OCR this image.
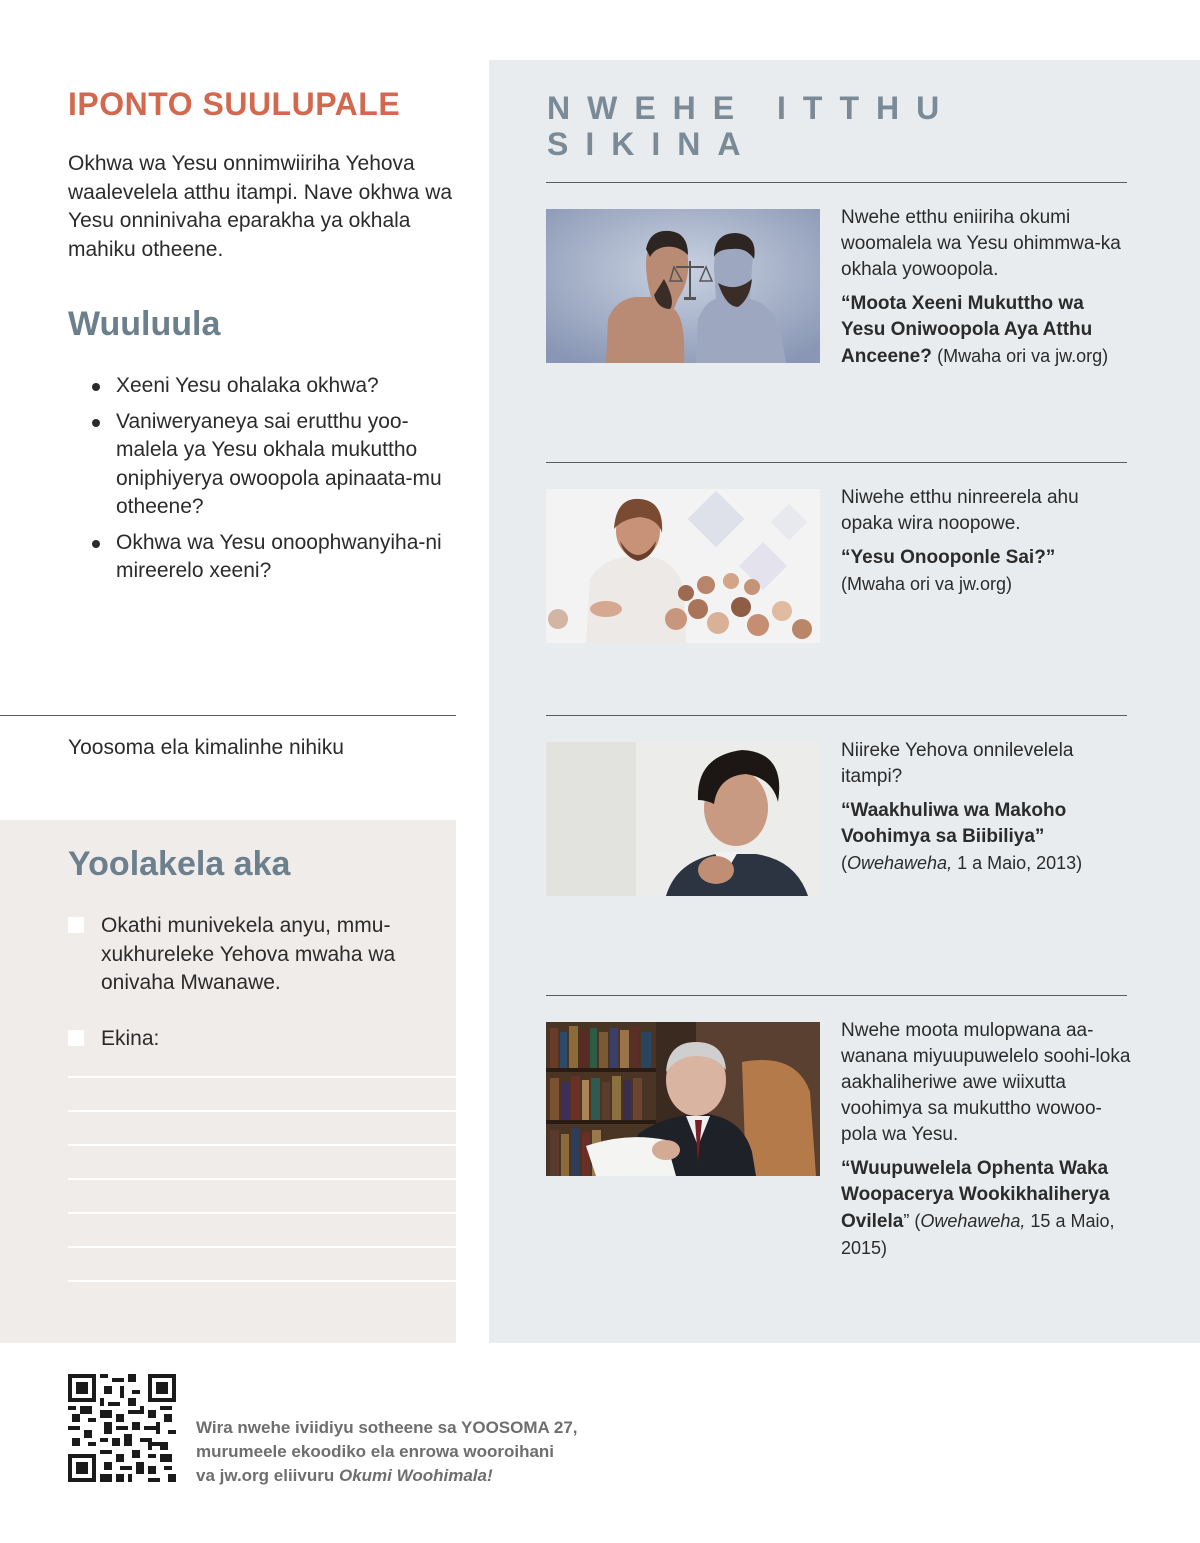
NWEHE ITTHU SIKINA
Nwehe etthu eniiriha okumi woomalela wa Yesu ohimmwa-ka okhala yowoopola.
“Moota Xeeni Mukuttho wa Yesu Oniwoopola Aya Atthu Anceene? (Mwaha ori va jw.org)
Niwehe etthu ninreerela ahu opaka wira noopowe.
“Yesu Onooponle Sai?”
(Mwaha ori va jw.org)
Niireke Yehova onnilevelela itampi?
“Waakhuliwa wa Makoho Voohimya sa Biibiliya”
(Owehaweha, 1 a Maio, 2013)
Nwehe moota mulopwana aa-wanana miyuupuwelelo soohi-loka aakhaliheriwe awe wiixutta voohimya sa mukuttho wowoo-pola wa Yesu.
“Wuupuwelela Ophenta Waka Woopacerya Wookikhaliherya Ovilela” (Owehaweha, 15 a Maio, 2015)
IPONTO SUULUPALE
Okhwa wa Yesu onnimwiiriha Yehova waalevelela atthu itampi. Nave okhwa wa Yesu onninivaha eparakha ya okhala mahiku otheene.
Wuuluula
Xeeni Yesu ohalaka okhwa?
Vaniweryaneya sai erutthu yoo-malela ya Yesu okhala mukuttho oniphiyerya owoopola apinaata-mu otheene?
Okhwa wa Yesu onoophwanyiha-ni mireerelo xeeni?
Yoosoma ela kimalinhe nihiku
Yoolakela aka
Okathi munivekela anyu, mmu-xukhureleke Yehova mwaha wa onivaha Mwanawe.
Ekina:
Wira nwehe iviidiyu sotheene sa YOOSOMA 27,
murumeele ekoodiko ela enrowa wooroihani
va jw.org eliivuru Okumi Woohimala!
